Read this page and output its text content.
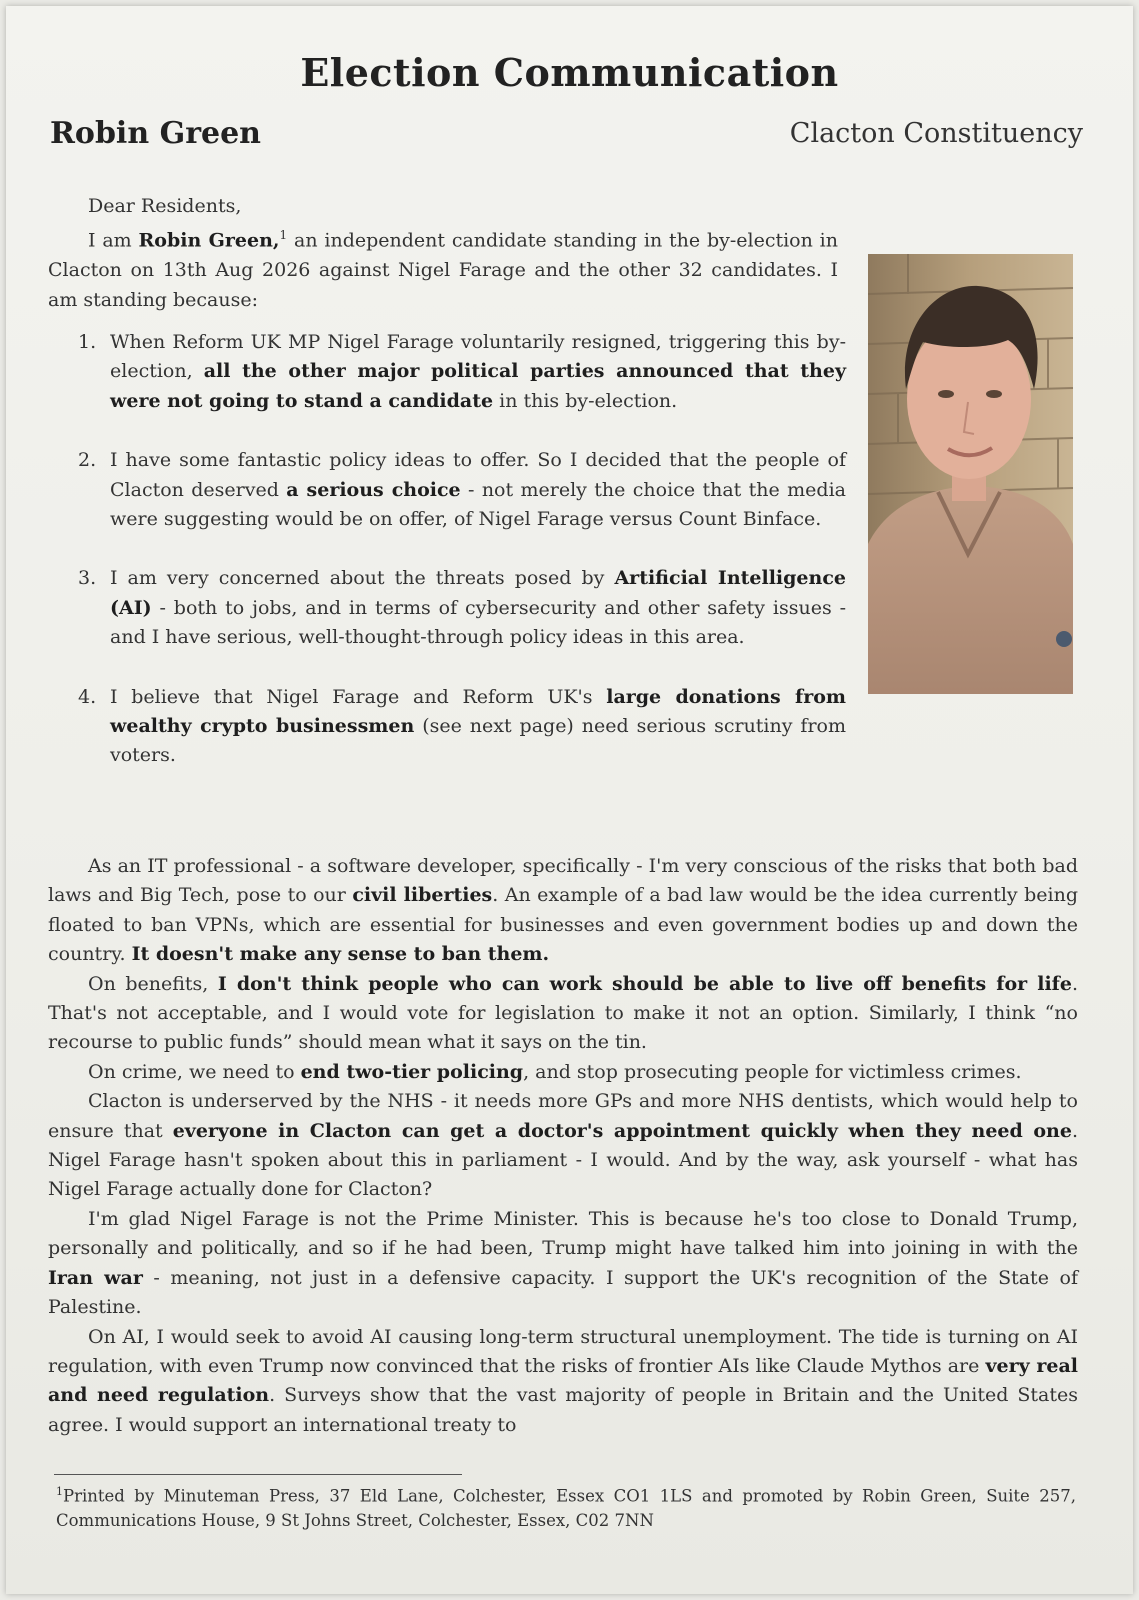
Election Communication
Robin Green	Clacton Constituency

Dear Residents,

I am Robin Green,$^1$ an independent candidate standing in the by-election in Clacton on 13th Aug 2026 against Nigel Farage and the other 32 candidates. I am standing because:

1. When Reform UK MP Nigel Farage voluntarily resigned, triggering this by-election, all the other major political parties announced that they were not going to stand a candidate in this by-election.
2. I have some fantastic policy ideas to offer. So I decided that the people of Clacton deserved a serious choice - not merely the choice that the media were suggesting would be on offer, of Nigel Farage versus Count Binface.
3. I am very concerned about the threats posed by Artificial Intelligence (AI) - both to jobs, and in terms of cybersecurity and other safety issues - and I have serious, well-thought-through policy ideas in this area.
4. I believe that Nigel Farage and Reform UK's large donations from wealthy crypto businessmen (see next page) need serious scrutiny from voters.

As an IT professional - a software developer, specifically - I'm very conscious of the risks that both bad laws and Big Tech, pose to our civil liberties. An example of a bad law would be the idea currently being floated to ban VPNs, which are essential for businesses and even government bodies up and down the country. It doesn't make any sense to ban them.

On benefits, I don't think people who can work should be able to live off benefits for life. That's not acceptable, and I would vote for legislation to make it not an option. Similarly, I think “no recourse to public funds” should mean what it says on the tin.

On crime, we need to end two-tier policing, and stop prosecuting people for victimless crimes.

Clacton is underserved by the NHS - it needs more GPs and more NHS dentists, which would help to ensure that everyone in Clacton can get a doctor's appointment quickly when they need one. Nigel Farage hasn't spoken about this in parliament - I would. And by the way, ask yourself - what has Nigel Farage actually done for Clacton?

I'm glad Nigel Farage is not the Prime Minister. This is because he's too close to Donald Trump, personally and politically, and so if he had been, Trump might have talked him into joining in with the Iran war - meaning, not just in a defensive capacity. I support the UK's recognition of the State of Palestine.

On AI, I would seek to avoid AI causing long-term structural unemployment. The tide is turning on AI regulation, with even Trump now convinced that the risks of frontier AIs like Claude Mythos are very real and need regulation. Surveys show that the vast majority of people in Britain and the United States agree. I would support an international treaty to

$^1$Printed by Minuteman Press, 37 Eld Lane, Colchester, Essex CO1 1LS and promoted by Robin Green, Suite 257, Communications House, 9 St Johns Street, Colchester, Essex, C02 7NN
